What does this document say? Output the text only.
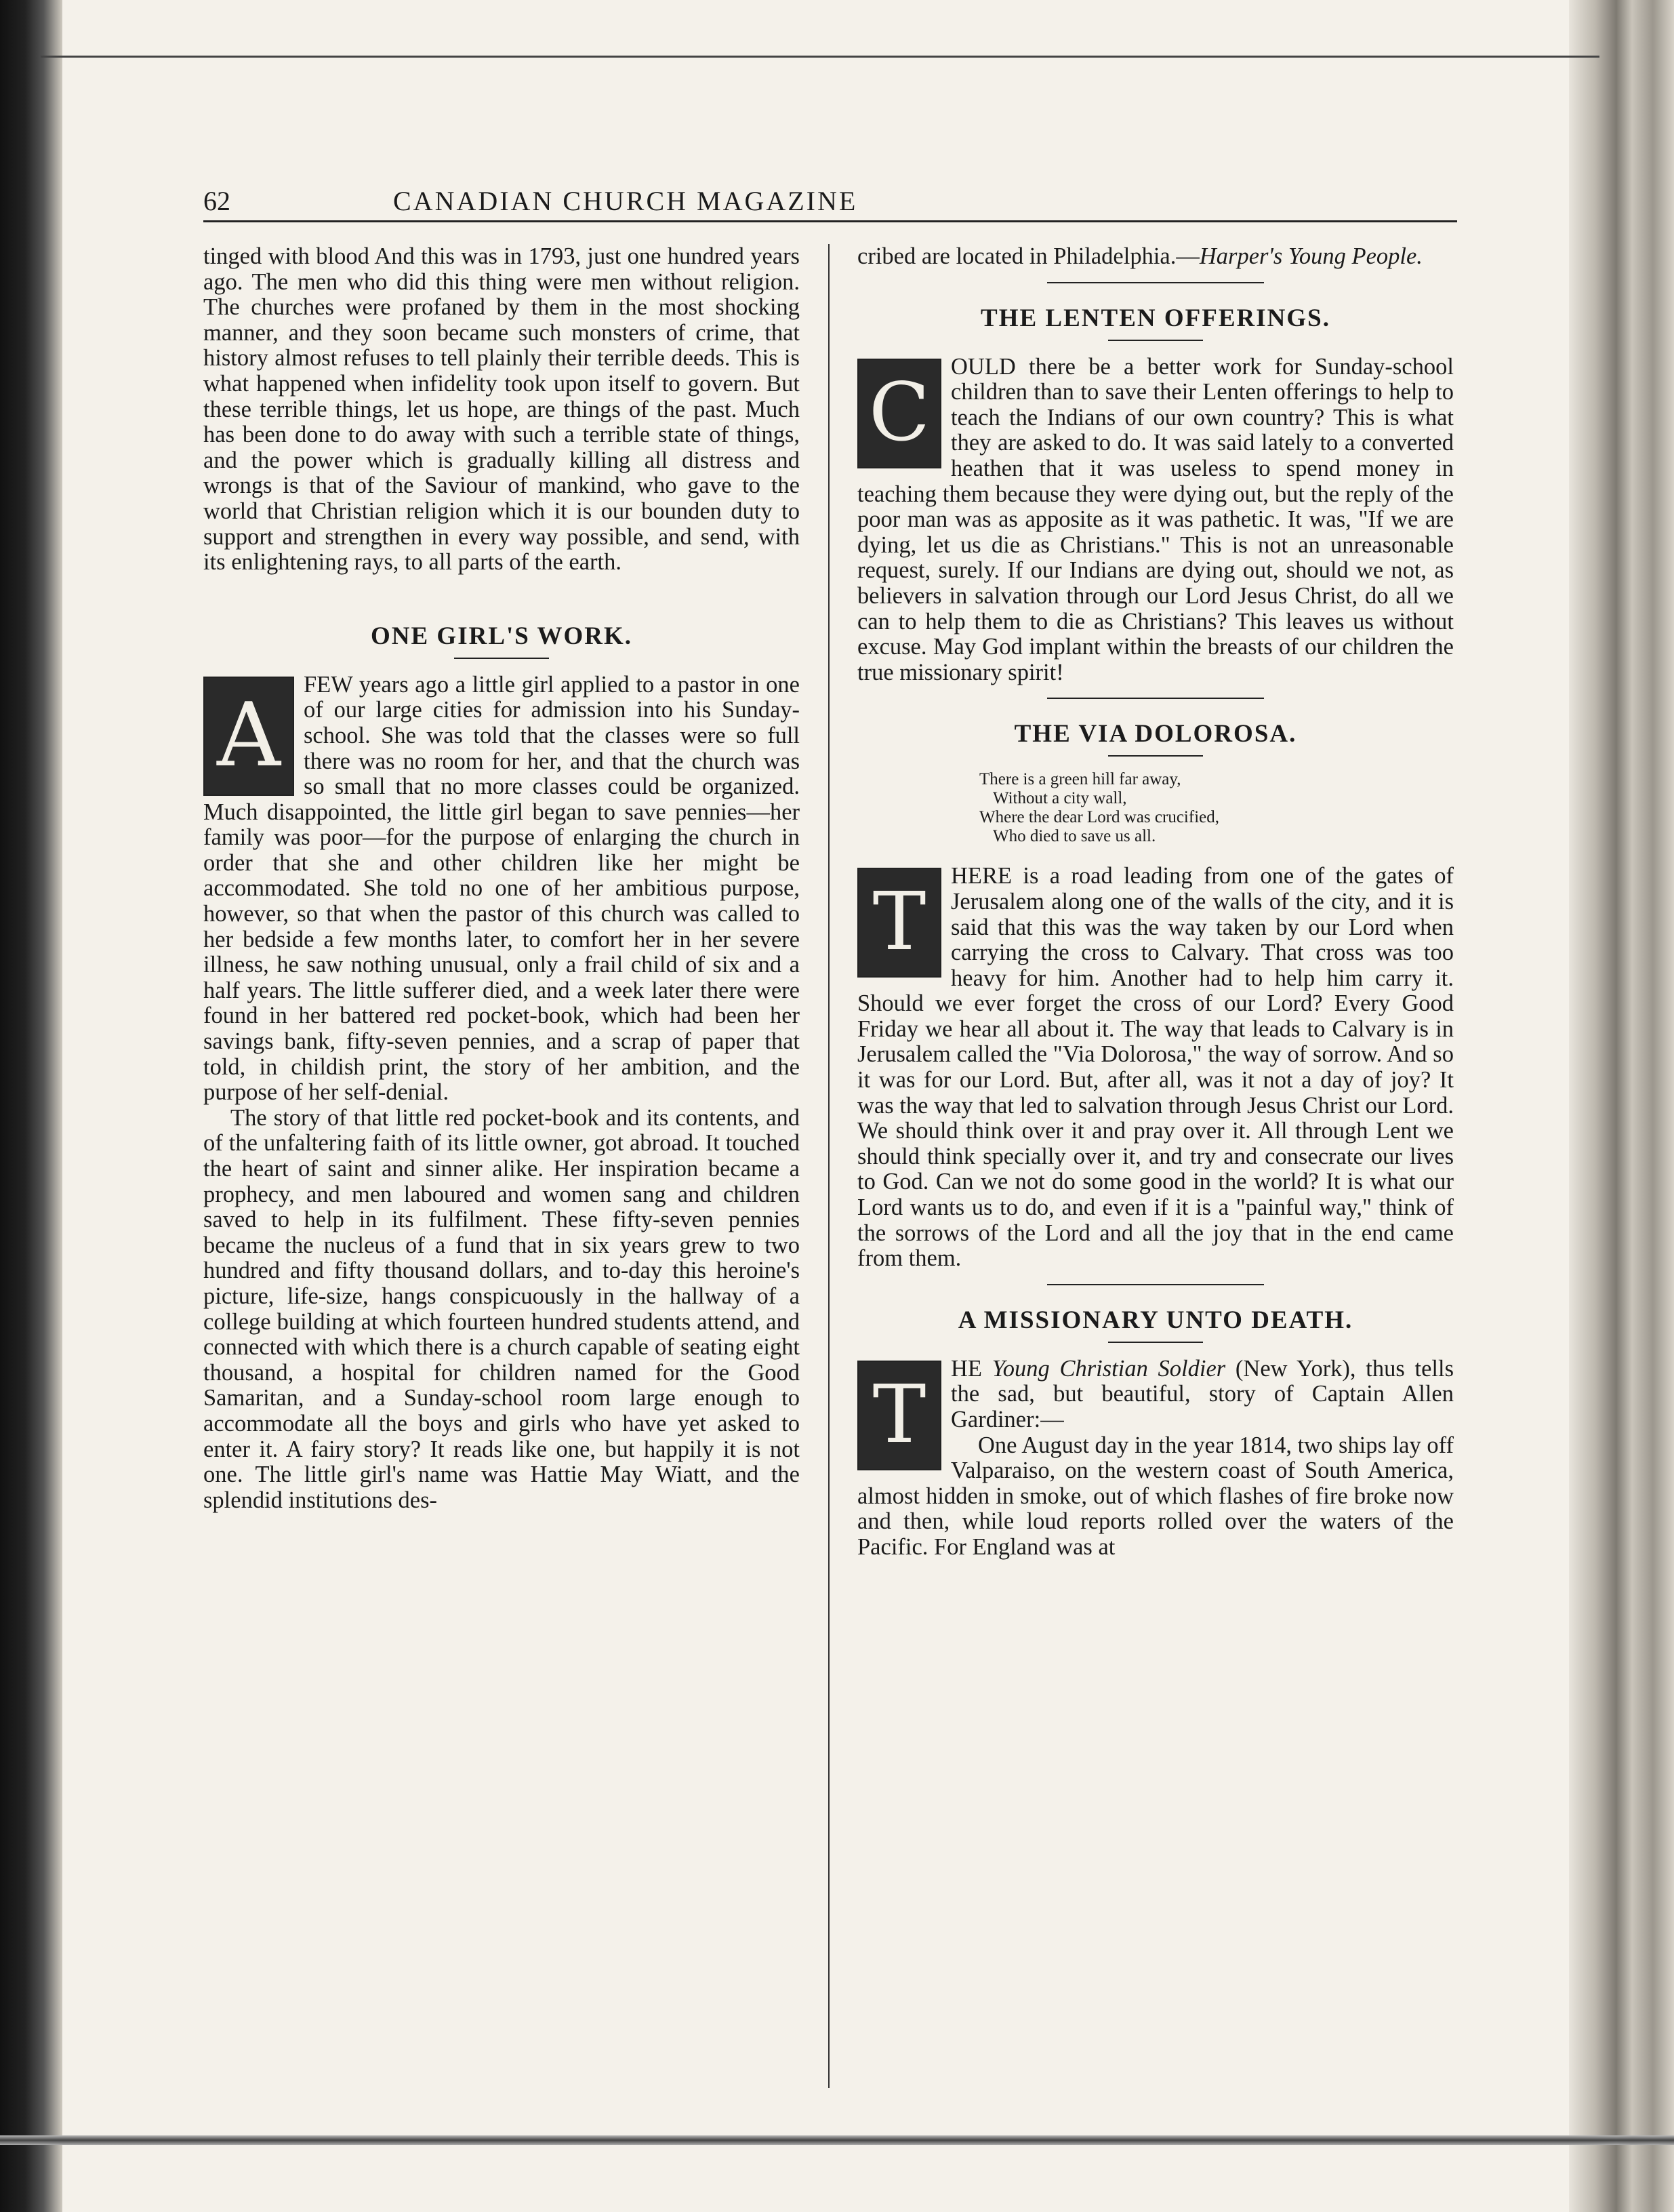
62	CANADIAN CHURCH MAGAZINE

tinged with blood And this was in 1793, just one hundred years ago. The men who did this thing were men without religion. The churches were profaned by them in the most shocking manner, and they soon became such monsters of crime, that history almost refuses to tell plainly their terrible deeds. This is what happened when infidelity took upon itself to govern. But these terrible things, let us hope, are things of the past. Much has been done to do away with such a terrible state of things, and the power which is gradually killing all distress and wrongs is that of the Saviour of mankind, who gave to the world that Christian religion which it is our bounden duty to support and strengthen in every way possible, and send, with its enlightening rays, to all parts of the earth.

ONE GIRL'S WORK.
A FEW years ago a little girl applied to a pastor in one of our large cities for admission into his Sunday-school. She was told that the classes were so full there was no room for her, and that the church was so small that no more classes could be organized. Much disappointed, the little girl began to save pennies—her family was poor—for the purpose of enlarging the church in order that she and other children like her might be accommodated. She told no one of her ambitious purpose, however, so that when the pastor of this church was called to her bedside a few months later, to comfort her in her severe illness, he saw nothing unusual, only a frail child of six and a half years. The little sufferer died, and a week later there were found in her battered red pocket-book, which had been her savings bank, fifty-seven pennies, and a scrap of paper that told, in childish print, the story of her ambition, and the purpose of her self-denial.

The story of that little red pocket-book and its contents, and of the unfaltering faith of its little owner, got abroad. It touched the heart of saint and sinner alike. Her inspiration became a prophecy, and men laboured and women sang and children saved to help in its fulfilment. These fifty-seven pennies became the nucleus of a fund that in six years grew to two hundred and fifty thousand dollars, and to-day this heroine's picture, life-size, hangs conspicuously in the hallway of a college building at which fourteen hundred students attend, and connected with which there is a church capable of seating eight thousand, a hospital for children named for the Good Samaritan, and a Sunday-school room large enough to accommodate all the boys and girls who have yet asked to enter it. A fairy story? It reads like one, but happily it is not one. The little girl's name was Hattie May Wiatt, and the splendid institutions des-

cribed are located in Philadelphia.—Harper's Young People.

THE LENTEN OFFERINGS.
C OULD there be a better work for Sunday-school children than to save their Lenten offerings to help to teach the Indians of our own country? This is what they are asked to do. It was said lately to a converted heathen that it was useless to spend money in teaching them because they were dying out, but the reply of the poor man was as apposite as it was pathetic. It was, "If we are dying, let us die as Christians." This is not an unreasonable request, surely. If our Indians are dying out, should we not, as believers in salvation through our Lord Jesus Christ, do all we can to help them to die as Christians? This leaves us without excuse. May God implant within the breasts of our children the true missionary spirit!

THE VIA DOLOROSA.
There is a green hill far away,
Without a city wall,
Where the dear Lord was crucified,
Who died to save us all.
T	HERE is a road leading from one of the gates of Jerusalem along one of the walls of the city, and it is said that this was the way taken by our Lord when carrying the cross to Calvary. That cross was too heavy for him. Another had to help him carry it. Should we ever forget the cross of our Lord? Every Good Friday we hear all about it. The way that leads to Calvary is in Jerusalem called the "Via Dolorosa," the way of sorrow. And so it was for our Lord. But, after all, was it not a day of joy? It was the way that led to salvation through Jesus Christ our Lord. We should think over it and pray over it. All through Lent we should think specially over it, and try and consecrate our lives to God. Can we not do some good in the world? It is what our Lord wants us to do, and even if it is a "painful way," think of the sorrows of the Lord and all the joy that in the end came from them.

A MISSIONARY UNTO DEATH.
T	HE Young Christian Soldier (New York), thus tells the sad, but beautiful, story of Captain Allen Gardiner:—

One August day in the year 1814, two ships lay off Valparaiso, on the western coast of South America, almost hidden in smoke, out of which flashes of fire broke now and then, while loud reports rolled over the waters of the Pacific. For England was at
